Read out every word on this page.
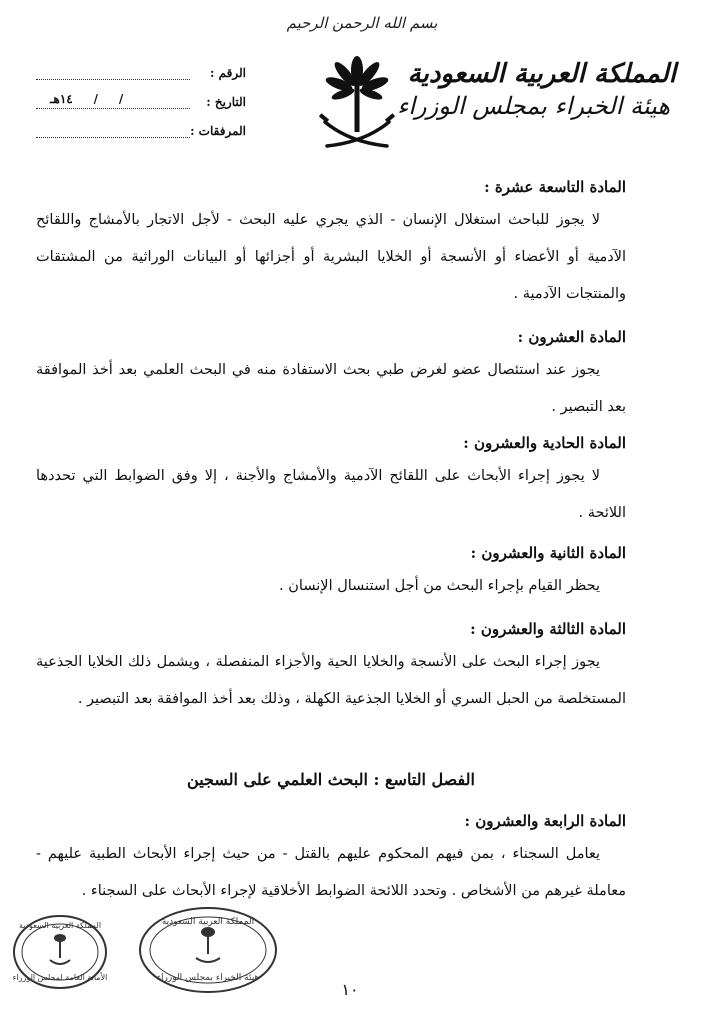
بسم الله الرحمن الرحيم
المملكة العربية السعودية
هيئة الخبراء بمجلس الوزراء
الرقم :
التاريخ :
/     /     ١٤هـ
المرفقات :
المادة التاسعة عشرة :
لا يجوز للباحث استغلال الإنسان - الذي يجري عليه البحث - لأجل الاتجار بالأمشاج واللقائح الآدمية أو الأعضاء أو الأنسجة أو الخلايا البشرية أو أجزائها أو البيانات الوراثية من المشتقات والمنتجات الآدمية .
المادة العشرون :
يجوز عند استئصال عضو لغرض طبي بحث الاستفادة منه في البحث العلمي بعد أخذ الموافقة بعد التبصير .
المادة الحادية والعشرون :
لا يجوز إجراء الأبحاث على اللقائح الآدمية والأمشاج والأجنة ، إلا وفق الضوابط التي تحددها اللائحة .
المادة الثانية والعشرون :
يحظر القيام بإجراء البحث من أجل استنسال الإنسان .
المادة الثالثة والعشرون :
يجوز إجراء البحث على الأنسجة والخلايا الحية والأجزاء المنفصلة ، ويشمل ذلك الخلايا الجذعية المستخلصة من الحبل السري أو الخلايا الجذعية الكهلة ، وذلك بعد أخذ الموافقة بعد التبصير .
الفصل التاسع : البحث العلمي على السجين
المادة الرابعة والعشرون :
يعامل السجناء ، بمن فيهم المحكوم عليهم بالقتل - من حيث إجراء الأبحاث الطبية عليهم - معاملة غيرهم من الأشخاص . وتحدد اللائحة الضوابط الأخلاقية لإجراء الأبحاث على السجناء .
المملكة العربية السعودية
الأمانة العامة لمجلس الوزراء
المملكة العربية السعودية
هيئة الخبراء بمجلس الوزراء
١٠
